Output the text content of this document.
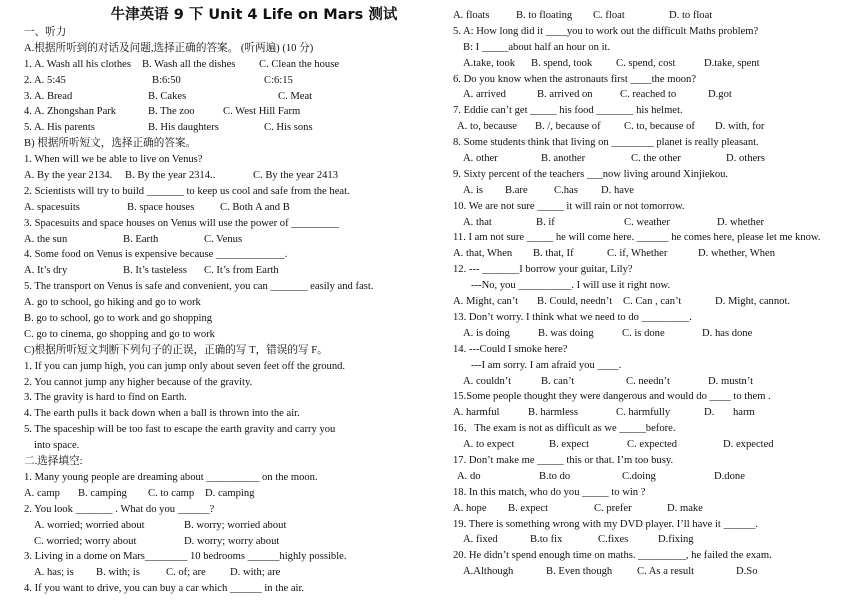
牛津英语 9 下 Unit 4 Life on Mars 测试
一、听力
A.根据所听到的对话及问题,选择正确的答案。 (听两遍) (10 分)
1. A. Wash all his clothes B. Wash all the dishes C. Clean the house
2. A. 5:45	B:6:50	C:6:15
3. A. Bread	B. Cakes	C. Meat
4. A. Zhongshan Park	B. The zoo	C. West Hill Farm
5. A. His parents	B. His daughters	C. His sons
B) 根据所听短文，选择正确的答案。
1. When will we be able to live on Venus?
A. By the year 2134. B. By the year 2314..	C. By the year 2413
2. Scientists will try to build _______ to keep us cool and safe from the heat.
A. spacesuits	B. space houses C. Both A and B
3. Spacesuits and space houses on Venus will use the power of _________
A. the sun	B. Earth	C. Venus
4. Some food on Venus is expensive because _____________.
A. It’s dry	B. It’s tasteless C. It’s from Earth
5. The transport on Venus is safe and convenient, you can _______ easily and fast.
A. go to school, go hiking and go to work
B. go to school, go to work and go shopping
C. go to cinema, go shopping and go to work
C)根据所听短文判断下列句子的正误，正确的写 T，错误的写 F。
1. If you can jump high, you can jump only about seven feet off the ground.
2. You cannot jump any higher because of the gravity.
3. The gravity is hard to find on Earth.
4. The earth pulls it back down when a ball is thrown into the air.
5. The spaceship will be too fast to escape the earth gravity and carry you
into space.
二.选择填空:
1. Many young people are dreaming about __________ on the moon.
A. camp B. camping C. to camp D. camping
2. You look _______ . What do you ______?
A. worried; worried about	B. worry; worried about
C. worried; worry about	D. worry; worry about
3. Living in a dome on Mars________ 10 bedrooms ______highly possible.
A. has; is B. with; is C. of; are D. with; are
4. If you want to drive, you can buy a car which ______ in the air.
A. floats	B. to floating C. float	D. to float
5. A: How long did it ____you to work out the difficult Maths problem?
B: I _____about half an hour on it.
A.take, took B. spend, took C. spend, cost	D.take, spent
6. Do you know when the astronauts first ____the moon?
A. arrived	B. arrived on	C. reached to	D.got
7. Eddie can’t get _____ his food _______ his helmet.
A. to, because B. /, because of C. to, because of D. with, for
8. Some students think that living on ________ planet is really pleasant.
A. other	B. another	C. the other	D. others
9. Sixty percent of the teachers ___now living around Xinjiekou.
A. is B.are C.has D. have
10. We are not sure _____ it will rain or not tomorrow.
A. that	B. if	C. weather	D. whether
11. I am not sure _____ he will come here. ______ he comes here, please let me know.
A. that, When B. that, If	C. if, Whether	D. whether, When
12. --- _______I borrow your guitar, Lily?
---No, you __________. I will use it right now.
A. Might, can’t B. Could, needn’t C. Can , can’t	D. Might, cannot.
13. Don’t worry. I think what we need to do _________.
A. is doing	B. was doing	C. is done	D. has done
14. ---Could I smoke here?
---I am sorry. I am afraid you ____.
A. couldn’t	B. can’t	C. needn’t	D. mustn’t
15.Some people thought they were dangerous and would do ____ to them .
A. harmful	B. harmless	C. harmfully	D. harm
16．The exam is not as difficult as we _____before.
A. to expect	B. expect	C. expected	D. expected
17. Don’t make me _____ this or that. I’m too busy.
A. do	B.to do	C.doing	D.done
18. In this match, who do you _____ to win ?
A. hope B. expect	C. prefer	D. make
19. There is something wrong with my DVD player. I’ll have it ______.
A. fixed	B.to fix	C.fixes	D.fixing
20. He didn’t spend enough time on maths. _________, he failed the exam.
A.Although	B. Even though C. As a result	D.So
